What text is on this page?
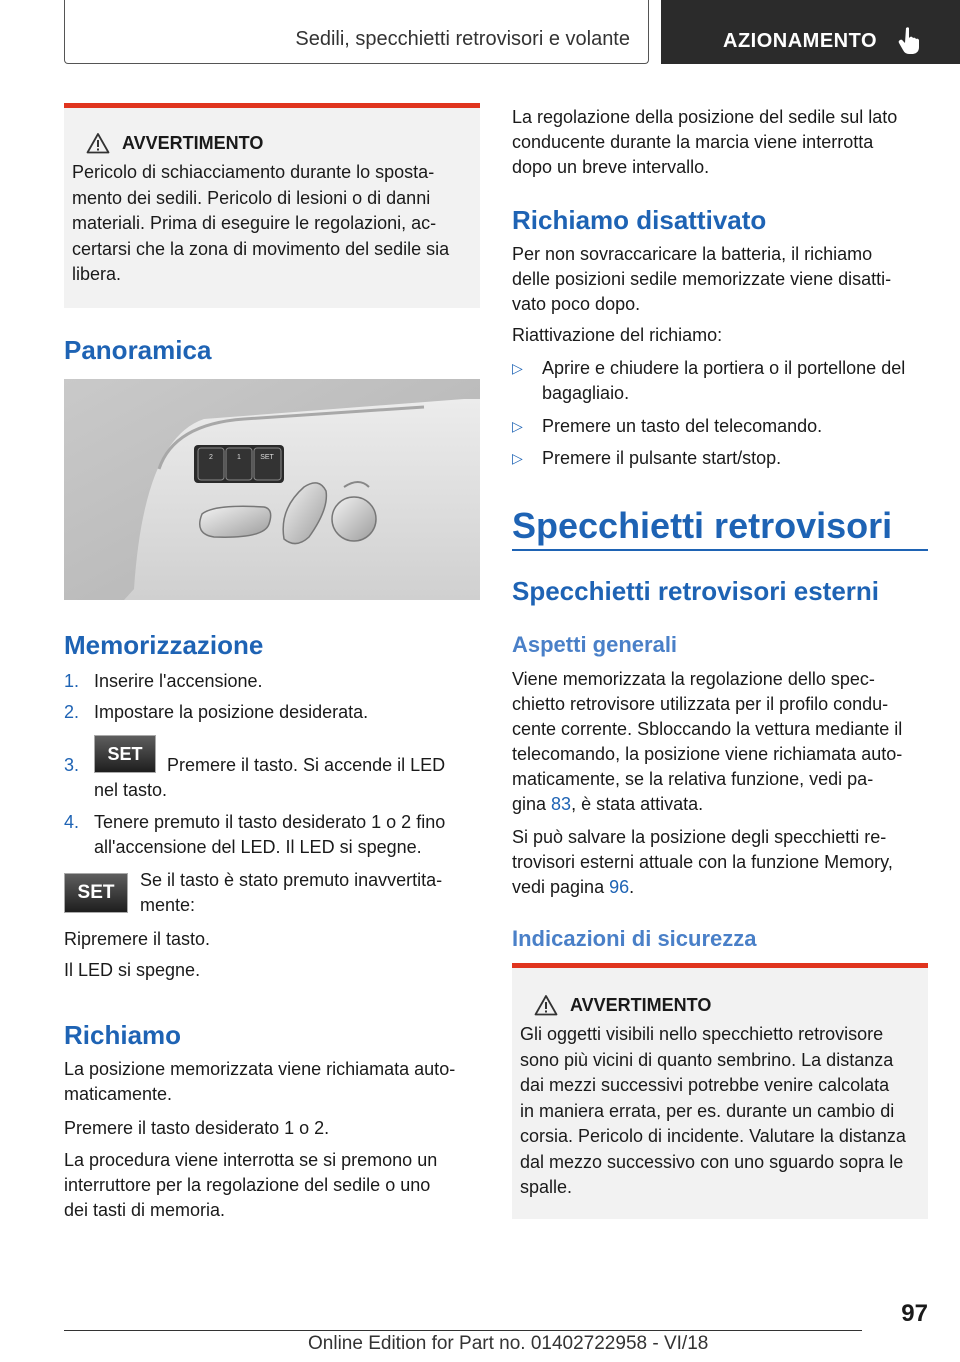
Sedili, specchietti retrovisori e volante	AZIONAMENTO
AVVERTIMENTO
Pericolo di schiacciamento durante lo sposta-
mento dei sedili. Pericolo di lesioni o di danni
materiali. Prima di eseguire le regolazioni, ac-
certarsi che la zona di movimento del sedile sia
libera.
Panoramica
2	1	SET
Memorizzazione
1. Inserire l'accensione.
2. Impostare la posizione desiderata.
3.
SET
Premere il tasto. Si accende il LED
nel tasto.
4. Tenere premuto il tasto desiderato 1 o 2 fino
all'accensione del LED. Il LED si spegne.
SET
Se il tasto è stato premuto inavvertita-
mente:
Ripremere il tasto.
Il LED si spegne.
Richiamo
La posizione memorizzata viene richiamata auto-
maticamente.
Premere il tasto desiderato 1 o 2.
La procedura viene interrotta se si premono un
interruttore per la regolazione del sedile o uno
dei tasti di memoria.
La regolazione della posizione del sedile sul lato
conducente durante la marcia viene interrotta
dopo un breve intervallo.
Richiamo disattivato
Per non sovraccaricare la batteria, il richiamo
delle posizioni sedile memorizzate viene disatti-
vato poco dopo.
Riattivazione del richiamo:
▷ Aprire e chiudere la portiera o il portellone del
bagagliaio.
▷ Premere un tasto del telecomando.
▷ Premere il pulsante start/stop.
Specchietti retrovisori
Specchietti retrovisori esterni
Aspetti generali
Viene memorizzata la regolazione dello spec-
chietto retrovisore utilizzata per il profilo condu-
cente corrente. Sbloccando la vettura mediante il
telecomando, la posizione viene richiamata auto-
maticamente, se la relativa funzione, vedi pa-
gina 83, è stata attivata.
Si può salvare la posizione degli specchietti re-
trovisori esterni attuale con la funzione Memory,
vedi pagina 96.
Indicazioni di sicurezza
AVVERTIMENTO
Gli oggetti visibili nello specchietto retrovisore
sono più vicini di quanto sembrino. La distanza
dai mezzi successivi potrebbe venire calcolata
in maniera errata, per es. durante un cambio di
corsia. Pericolo di incidente. Valutare la distanza
dal mezzo successivo con uno sguardo sopra le
spalle.
97
Online Edition for Part no. 01402722958 - VI/18
